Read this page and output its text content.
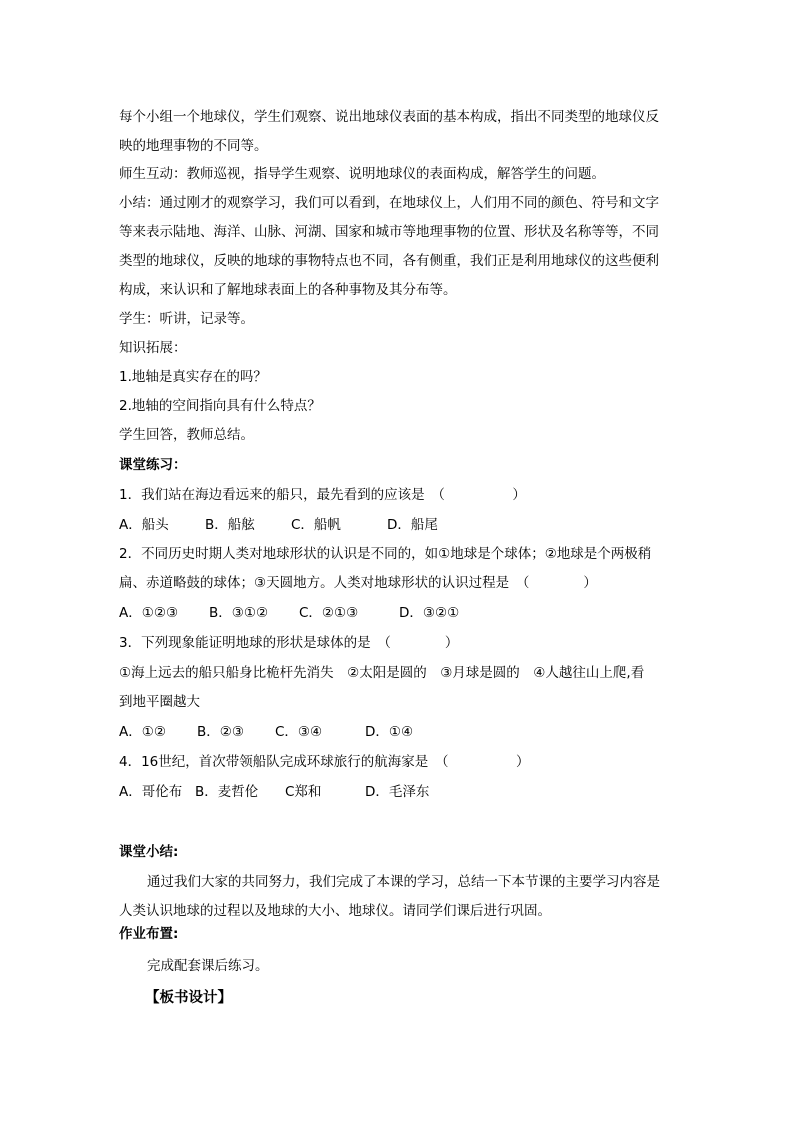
每个小组一个地球仪，学生们观察、说出地球仪表面的基本构成，指出不同类型的地球仪反

映的地理事物的不同等。

师生互动：教师巡视，指导学生观察、说明地球仪的表面构成，解答学生的问题。

小结：通过刚才的观察学习，我们可以看到，在地球仪上，人们用不同的颜色、符号和文字

等来表示陆地、海洋、山脉、河湖、国家和城市等地理事物的位置、形状及名称等等，不同

类型的地球仪，反映的地球的事物特点也不同，各有侧重，我们正是利用地球仪的这些便利

构成，来认识和了解地球表面上的各种事物及其分布等。

学生：听讲，记录等。

知识拓展：

1.地轴是真实存在的吗？

2.地轴的空间指向具有什么特点？

学生回答，教师总结。

课堂练习：

1．我们站在海边看远来的船只，最先看到的应该是　（　　　　　）

A．船头	B．船舷	C．船帆	D．船尾

2．不同历史时期人类对地球形状的认识是不同的，如①地球是个球体；②地球是个两极稍

扁、赤道略鼓的球体；③天圆地方。人类对地球形状的认识过程是　（　　　　）

A．①②③ B．③①② C．②①③	D．③②①

3．下列现象能证明地球的形状是球体的是　（　　　　）

①海上远去的船只船身比桅杆先消失　②太阳是圆的　③月球是圆的　④人越往山上爬,看

到地平圈越大

A．①② B．②③ C．③④	D．①④

4．16世纪，首次带领船队完成环球旅行的航海家是　（　　　　　）

A．哥伦布 B．麦哲伦 C郑和	D．毛泽东

课堂小结:

通过我们大家的共同努力，我们完成了本课的学习，总结一下本节课的主要学习内容是

人类认识地球的过程以及地球的大小、地球仪。请同学们课后进行巩固。

作业布置:

完成配套课后练习。

【板书设计】
